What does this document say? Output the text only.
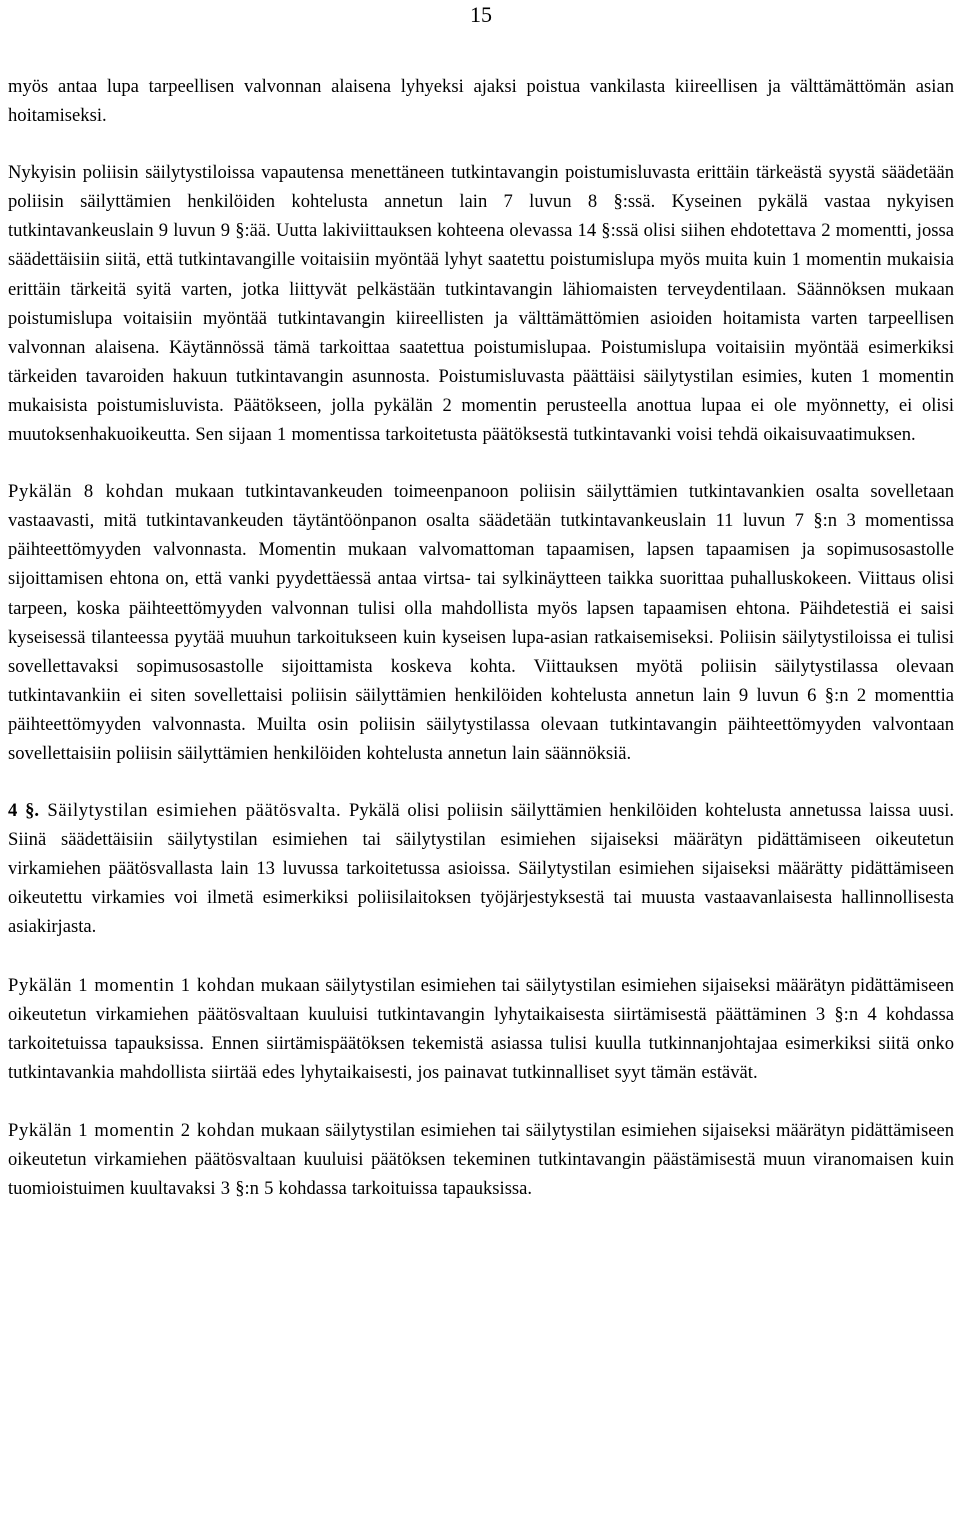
15

myös antaa lupa tarpeellisen valvonnan alaisena lyhyeksi ajaksi poistua vankilasta kiireellisen ja välttämättömän asian hoitamiseksi.

Nykyisin poliisin säilytystiloissa vapautensa menettäneen tutkintavangin poistumisluvasta erittäin tärkeästä syystä säädetään poliisin säilyttämien henkilöiden kohtelusta annetun lain 7 luvun 8 §:ssä. Kyseinen pykälä vastaa nykyisen tutkintavankeuslain 9 luvun 9 §:ää. Uutta lakiviittauksen kohteena olevassa 14 §:ssä olisi siihen ehdotettava 2 momentti, jossa säädettäisiin siitä, että tutkintavangille voitaisiin myöntää lyhyt saatettu poistumislupa myös muita kuin 1 momentin mukaisia erittäin tärkeitä syitä varten, jotka liittyvät pelkästään tutkintavangin lähiomaisten terveydentilaan. Säännöksen mukaan poistumislupa voitaisiin myöntää tutkintavangin kiireellisten ja välttämättömien asioiden hoitamista varten tarpeellisen valvonnan alaisena. Käytännössä tämä tarkoittaa saatettua poistumislupaa. Poistumislupa voitaisiin myöntää esimerkiksi tärkeiden tavaroiden hakuun tutkintavangin asunnosta. Poistumisluvasta päättäisi säilytystilan esimies, kuten 1 momentin mukaisista poistumisluvista. Päätökseen, jolla pykälän 2 momentin perusteella anottua lupaa ei ole myönnetty, ei olisi muutoksenhakuoikeutta. Sen sijaan 1 momentissa tarkoitetusta päätöksestä tutkintavanki voisi tehdä oikaisuvaatimuksen.

Pykälän 8 kohdan mukaan tutkintavankeuden toimeenpanoon poliisin säilyttämien tutkintavankien osalta sovelletaan vastaavasti, mitä tutkintavankeuden täytäntöönpanon osalta säädetään tutkintavankeuslain 11 luvun 7 §:n 3 momentissa päihteettömyyden valvonnasta. Momentin mukaan valvomattoman tapaamisen, lapsen tapaamisen ja sopimusosastolle sijoittamisen ehtona on, että vanki pyydettäessä antaa virtsa- tai sylkinäytteen taikka suorittaa puhalluskokeen. Viittaus olisi tarpeen, koska päihteettömyyden valvonnan tulisi olla mahdollista myös lapsen tapaamisen ehtona. Päihdetestiä ei saisi kyseisessä tilanteessa pyytää muuhun tarkoitukseen kuin kyseisen lupa-asian ratkaisemiseksi. Poliisin säilytystiloissa ei tulisi sovellettavaksi sopimusosastolle sijoittamista koskeva kohta. Viittauksen myötä poliisin säilytystilassa olevaan tutkintavankiin ei siten sovellettaisi poliisin säilyttämien henkilöiden kohtelusta annetun lain 9 luvun 6 §:n 2 momenttia päihteettömyyden valvonnasta. Muilta osin poliisin säilytystilassa olevaan tutkintavangin päihteettömyyden valvontaan sovellettaisiin poliisin säilyttämien henkilöiden kohtelusta annetun lain säännöksiä.

4 §. Säilytystilan esimiehen päätösvalta. Pykälä olisi poliisin säilyttämien henkilöiden kohtelusta annetussa laissa uusi. Siinä säädettäisiin säilytystilan esimiehen tai säilytystilan esimiehen sijaiseksi määrätyn pidättämiseen oikeutetun virkamiehen päätösvallasta lain 13 luvussa tarkoitetussa asioissa. Säilytystilan esimiehen sijaiseksi määrätty pidättämiseen oikeutettu virkamies voi ilmetä esimerkiksi poliisilaitoksen työjärjestyksestä tai muusta vastaavanlaisesta hallinnollisesta asiakirjasta.

Pykälän 1 momentin 1 kohdan mukaan säilytystilan esimiehen tai säilytystilan esimiehen sijaiseksi määrätyn pidättämiseen oikeutetun virkamiehen päätösvaltaan kuuluisi tutkintavangin lyhytaikaisesta siirtämisestä päättäminen 3 §:n 4 kohdassa tarkoitetuissa tapauksissa. Ennen siirtämispäätöksen tekemistä asiassa tulisi kuulla tutkinnanjohtajaa esimerkiksi siitä onko tutkintavankia mahdollista siirtää edes lyhytaikaisesti, jos painavat tutkinnalliset syyt tämän estävät.

Pykälän 1 momentin 2 kohdan mukaan säilytystilan esimiehen tai säilytystilan esimiehen sijaiseksi määrätyn pidättämiseen oikeutetun virkamiehen päätösvaltaan kuuluisi päätöksen tekeminen tutkintavangin päästämisestä muun viranomaisen kuin tuomioistuimen kuultavaksi 3 §:n 5 kohdassa tarkoituissa tapauksissa.
